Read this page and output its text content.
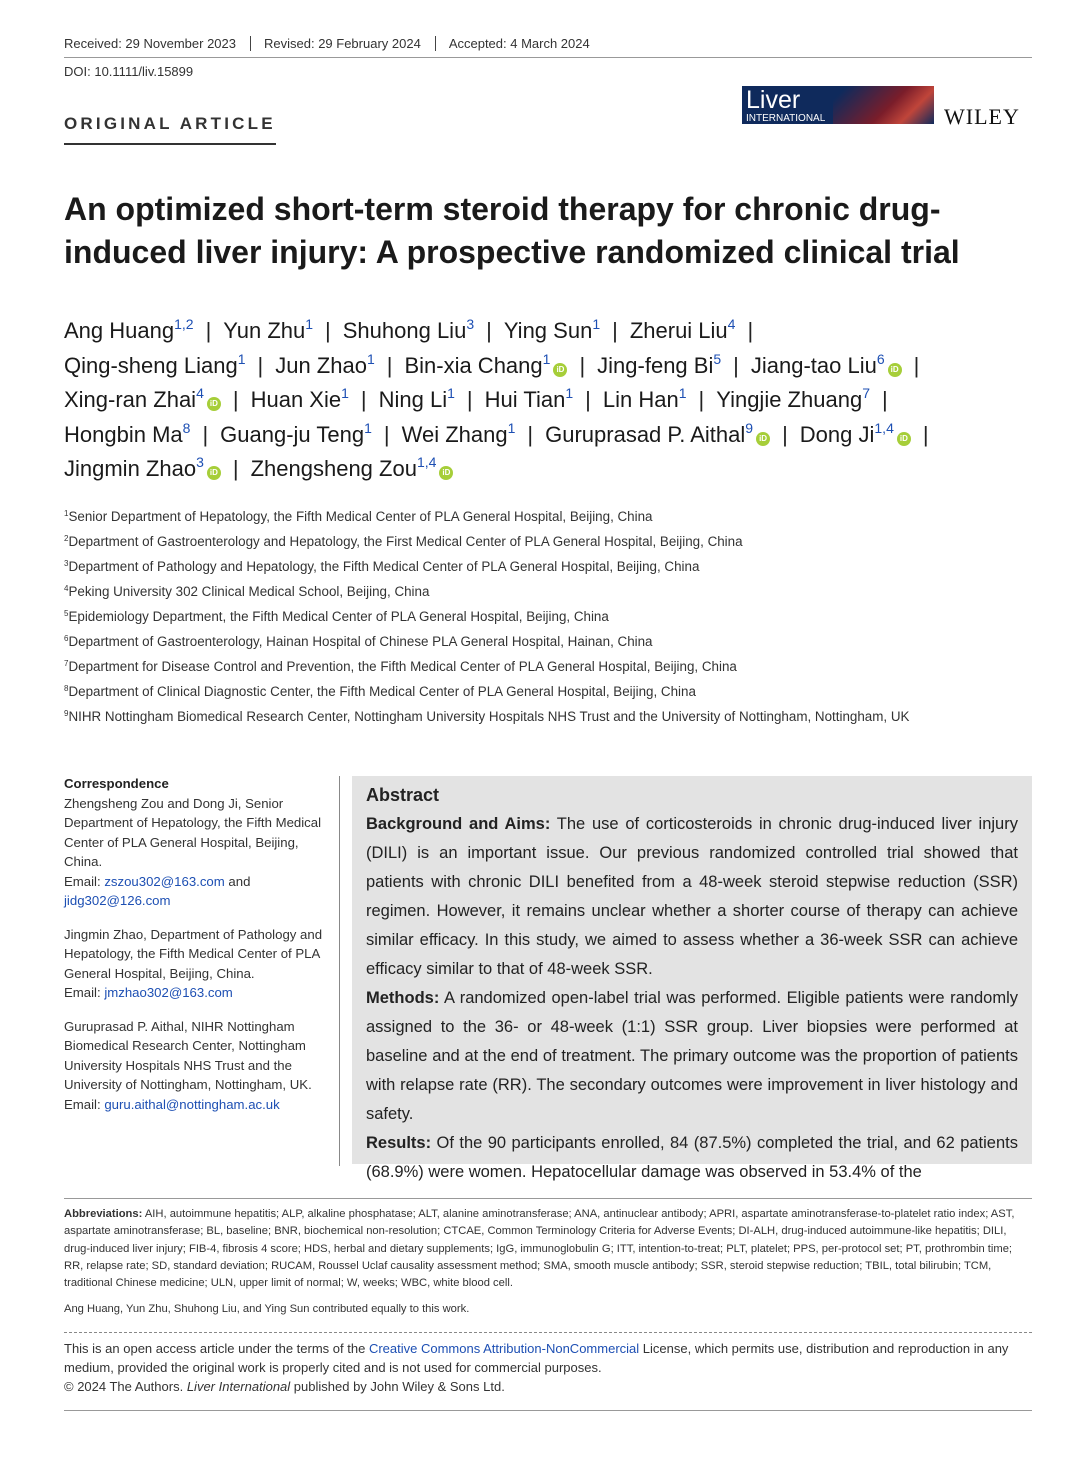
Received: 29 November 2023	Revised: 29 February 2024	Accepted: 4 March 2024
DOI: 10.1111/liv.15899
ORIGINAL ARTICLE
Liver
INTERNATIONAL	WILEY
An optimized short-term steroid therapy for chronic drug-induced liver injury: A prospective randomized clinical trial
Ang Huang$^{1,2}$ | Yun Zhu$^1$ | Shuhong Liu$^3$ | Ying Sun$^1$ | Zherui Liu$^4$ |
Qing-sheng Liang$^1$ | Jun Zhao$^1$ | Bin-xia Chang$^1$iD | Jing-feng Bi$^5$ | Jiang-tao Liu$^6$iD |
Xing-ran Zhai$^4$iD | Huan Xie$^1$ | Ning Li$^1$ | Hui Tian$^1$ | Lin Han$^1$ | Yingjie Zhuang$^7$ |
Hongbin Ma$^8$ | Guang-ju Teng$^1$ | Wei Zhang$^1$ | Guruprasad P. Aithal$^9$iD | Dong Ji$^{1,4}$iD |
Jingmin Zhao$^3$iD | Zhengsheng Zou$^{1,4}$iD
$^1$Senior Department of Hepatology, the Fifth Medical Center of PLA General Hospital, Beijing, China
$^2$Department of Gastroenterology and Hepatology, the First Medical Center of PLA General Hospital, Beijing, China
$^3$Department of Pathology and Hepatology, the Fifth Medical Center of PLA General Hospital, Beijing, China
$^4$Peking University 302 Clinical Medical School, Beijing, China
$^5$Epidemiology Department, the Fifth Medical Center of PLA General Hospital, Beijing, China
$^6$Department of Gastroenterology, Hainan Hospital of Chinese PLA General Hospital, Hainan, China
$^7$Department for Disease Control and Prevention, the Fifth Medical Center of PLA General Hospital, Beijing, China
$^8$Department of Clinical Diagnostic Center, the Fifth Medical Center of PLA General Hospital, Beijing, China
$^9$NIHR Nottingham Biomedical Research Center, Nottingham University Hospitals NHS Trust and the University of Nottingham, Nottingham, UK
Correspondence
Zhengsheng Zou and Dong Ji, Senior Department of Hepatology, the Fifth Medical Center of PLA General Hospital, Beijing, China.
Email: zszou302@163.com and jidg302@126.com
Jingmin Zhao, Department of Pathology and Hepatology, the Fifth Medical Center of PLA General Hospital, Beijing, China.
Email: jmzhao302@163.com
Guruprasad P. Aithal, NIHR Nottingham Biomedical Research Center, Nottingham University Hospitals NHS Trust and the University of Nottingham, Nottingham, UK.
Email: guru.aithal@nottingham.ac.uk
Abstract

Background and Aims: The use of corticosteroids in chronic drug-induced liver injury (DILI) is an important issue. Our previous randomized controlled trial showed that patients with chronic DILI benefited from a 48-week steroid stepwise reduction (SSR) regimen. However, it remains unclear whether a shorter course of therapy can achieve similar efficacy. In this study, we aimed to assess whether a 36-week SSR can achieve efficacy similar to that of 48-week SSR.

Methods: A randomized open-label trial was performed. Eligible patients were randomly assigned to the 36- or 48-week (1:1) SSR group. Liver biopsies were performed at baseline and at the end of treatment. The primary outcome was the proportion of patients with relapse rate (RR). The secondary outcomes were improvement in liver histology and safety.

Results: Of the 90 participants enrolled, 84 (87.5%) completed the trial, and 62 patients (68.9%) were women. Hepatocellular damage was observed in 53.4% of the

Abbreviations: AIH, autoimmune hepatitis; ALP, alkaline phosphatase; ALT, alanine aminotransferase; ANA, antinuclear antibody; APRI, aspartate aminotransferase-to-platelet ratio index; AST, aspartate aminotransferase; BL, baseline; BNR, biochemical non-resolution; CTCAE, Common Terminology Criteria for Adverse Events; DI-ALH, drug-induced autoimmune-like hepatitis; DILI, drug-induced liver injury; FIB-4, fibrosis 4 score; HDS, herbal and dietary supplements; IgG, immunoglobulin G; ITT, intention-to-treat; PLT, platelet; PPS, per-protocol set; PT, prothrombin time; RR, relapse rate; SD, standard deviation; RUCAM, Roussel Uclaf causality assessment method; SMA, smooth muscle antibody; SSR, steroid stepwise reduction; TBIL, total bilirubin; TCM, traditional Chinese medicine; ULN, upper limit of normal; W, weeks; WBC, white blood cell.
Ang Huang, Yun Zhu, Shuhong Liu, and Ying Sun contributed equally to this work.
This is an open access article under the terms of the Creative Commons Attribution-NonCommercial License, which permits use, distribution and reproduction in any medium, provided the original work is properly cited and is not used for commercial purposes.
© 2024 The Authors. Liver International published by John Wiley & Sons Ltd.
